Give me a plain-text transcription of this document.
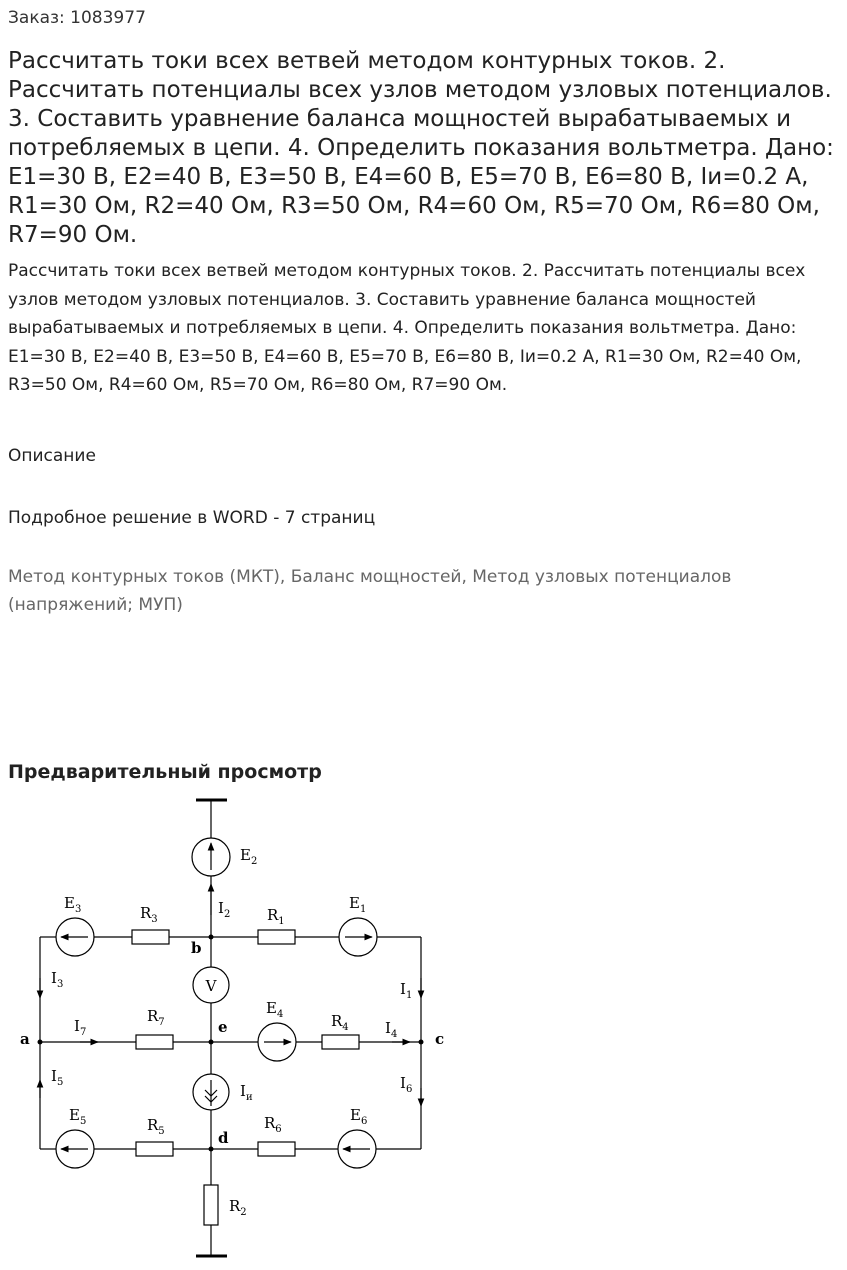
Заказ: 1083977
Рассчитать токи всех ветвей методом контурных токов. 2. Рассчитать потенциалы всех узлов методом узловых потенциалов. 3. Составить уравнение баланса мощностей вырабатываемых и потребляемых в цепи. 4. Определить показания вольтметра. Дано: E1=30 В, E2=40 В, E3=50 В, E4=60 В, E5=70 В, E6=80 В, Iи=0.2 А, R1=30 Ом, R2=40 Ом, R3=50 Ом, R4=60 Ом, R5=70 Ом, R6=80 Ом, R7=90 Ом.

Рассчитать токи всех ветвей методом контурных токов. 2. Рассчитать потенциалы всех узлов методом узловых потенциалов. 3. Составить уравнение баланса мощностей вырабатываемых и потребляемых в цепи. 4. Определить показания вольтметра. Дано: E1=30 В, E2=40 В, E3=50 В, E4=60 В, E5=70 В, E6=80 В, Iи=0.2 А, R1=30 Ом, R2=40 Ом, R3=50 Ом, R4=60 Ом, R5=70 Ом, R6=80 Ом, R7=90 Ом.

Описание
Подробное решение в WORD - 7 страниц
Метод контурных токов (МКТ), Баланс мощностей, Метод узловых потенциалов (напряжений; МУП)
Предварительный просмотр
$E_2$
$I_2$
$E_3$	$R_3$	$R_1$
$E_1$
b
$I_3$	V	$I_1$
$E_4$
$R_7$	$R_4$
$I_7$	e	$I_4$
a	c
$I_5$	$I_6$
$I_и$
$E_5$	$R_5$	$R_6$
$E_6$
d
$R_2$
